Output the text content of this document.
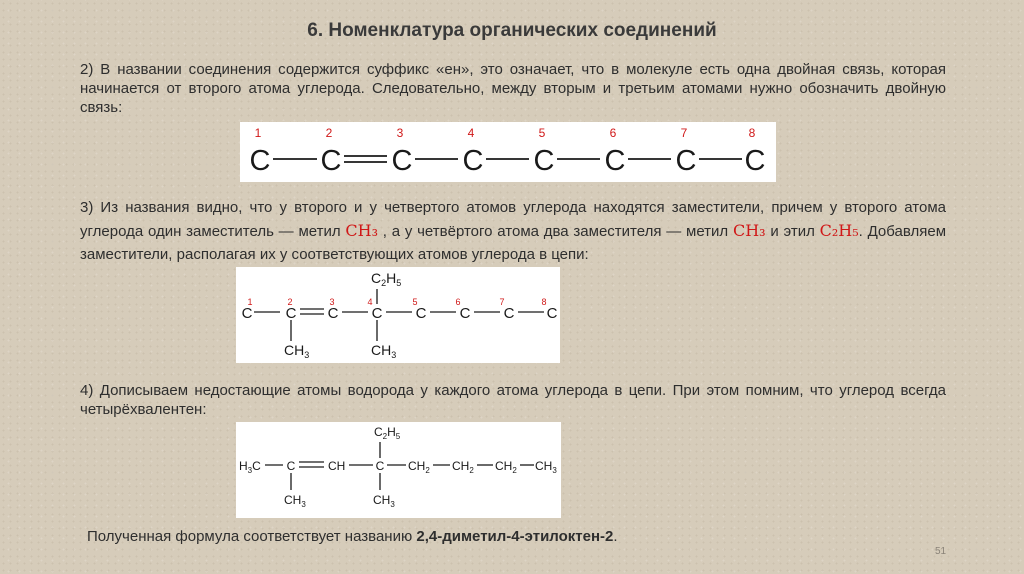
6. Номенклатура органических соединений
2) В названии соединения содержится суффикс «ен», это означает, что в молекуле есть одна двойная связь, которая начинается от второго атома углерода. Следовательно, между вторым и третьим атомами нужно обозначить двойную связь:
1	2	3	4	5	6	7	8
C C C C C C C C
3) Из названия видно, что у второго и у четвертого атомов углерода находятся заместители, причем у второго атома углерода один заместитель — метил CH₃ , а у четвёртого атома два заместителя — метил CH₃ и этил C₂H₅. Добавляем заместители, располагая их у соответствующих атомов углерода в цепи:
1	2	3	4	5	6	7	8
C C C C C C C C
$C_2H_5$
$CH_3$	$CH_3$
4) Дописываем недостающие атомы водорода у каждого атома углерода в цепи. При этом помним, что углерод всегда четырёхвалентен:
$H_3C$ C	CH	C $CH_2$ $CH_2$ $CH_2$ $CH_3$
$C_2H_5$
$CH_3$	$CH_3$
Полученная формула соответствует названию 2,4-диметил-4-этилоктен-2.
51
